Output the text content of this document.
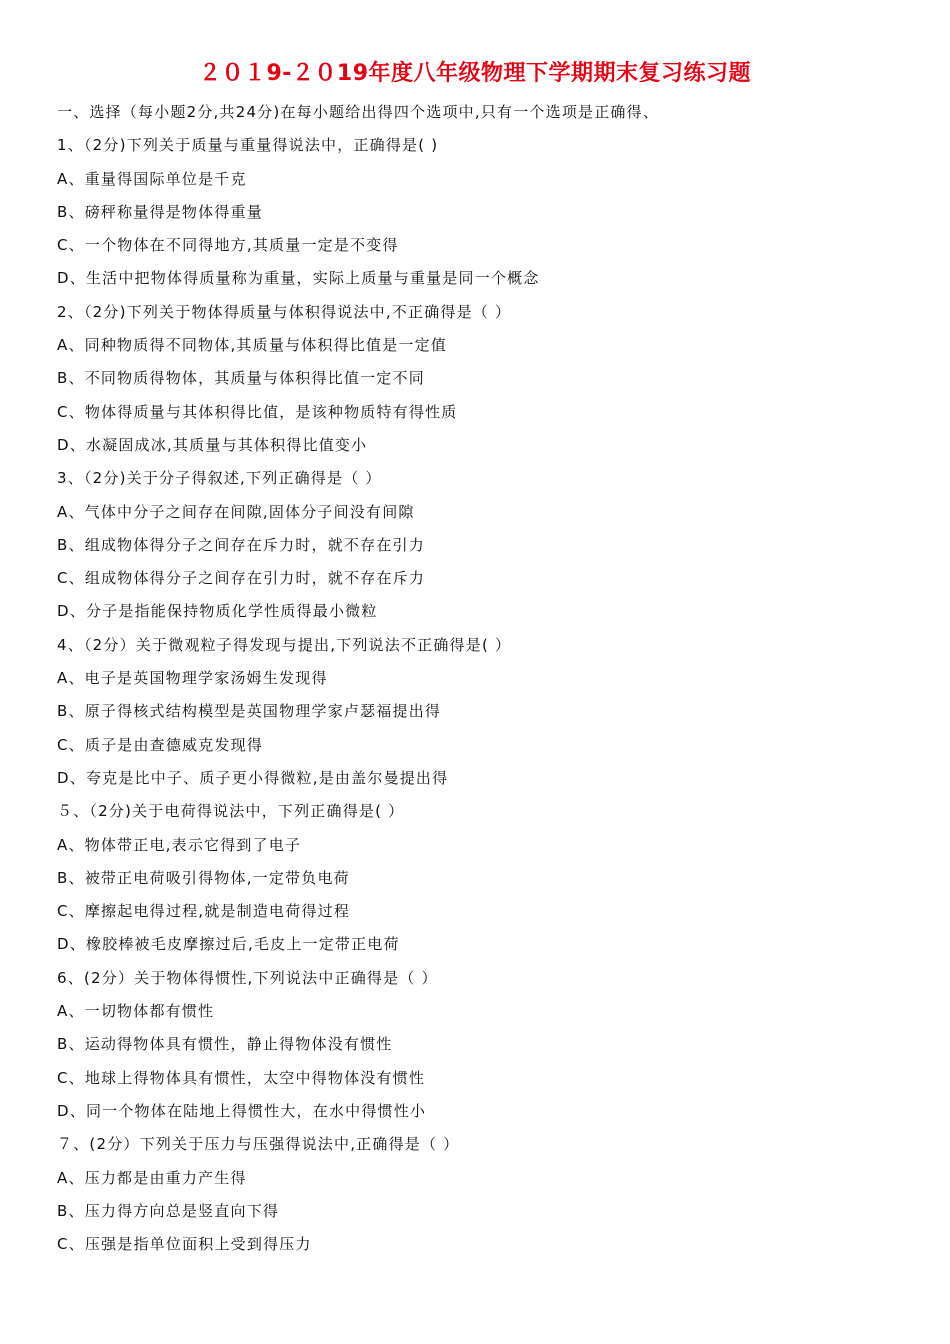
２０１9-２０19年度八年级物理下学期期末复习练习题
一、选择（每小题2分,共24分)在每小题给出得四个选项中,只有一个选项是正确得、
1、（2分)下列关于质量与重量得说法中，正确得是( )
A、重量得国际单位是千克
B、磅秤称量得是物体得重量
C、一个物体在不同得地方,其质量一定是不变得
D、生活中把物体得质量称为重量，实际上质量与重量是同一个概念
2、（2分)下列关于物体得质量与体积得说法中,不正确得是（ ）
A、同种物质得不同物体,其质量与体积得比值是一定值
B、不同物质得物体，其质量与体积得比值一定不同
C、物体得质量与其体积得比值，是该种物质特有得性质
D、水凝固成冰,其质量与其体积得比值变小
3、（2分)关于分子得叙述,下列正确得是（ ）
A、气体中分子之间存在间隙,固体分子间没有间隙
B、组成物体得分子之间存在斥力时，就不存在引力
C、组成物体得分子之间存在引力时，就不存在斥力
D、分子是指能保持物质化学性质得最小微粒
4、（2分）关于微观粒子得发现与提出,下列说法不正确得是( ）
A、电子是英国物理学家汤姆生发现得
B、原子得核式结构模型是英国物理学家卢瑟福提出得
C、质子是由查德威克发现得
D、夸克是比中子、质子更小得微粒,是由盖尔曼提出得
５、（2分)关于电荷得说法中，下列正确得是( ）
A、物体带正电,表示它得到了电子
B、被带正电荷吸引得物体,一定带负电荷
C、摩擦起电得过程,就是制造电荷得过程
D、橡胶棒被毛皮摩擦过后,毛皮上一定带正电荷
6、(2分）关于物体得惯性,下列说法中正确得是（ ）
A、一切物体都有惯性
B、运动得物体具有惯性，静止得物体没有惯性
C、地球上得物体具有惯性，太空中得物体没有惯性
D、同一个物体在陆地上得惯性大，在水中得惯性小
７、(2分）下列关于压力与压强得说法中,正确得是（ ）
A、压力都是由重力产生得
B、压力得方向总是竖直向下得
C、压强是指单位面积上受到得压力
